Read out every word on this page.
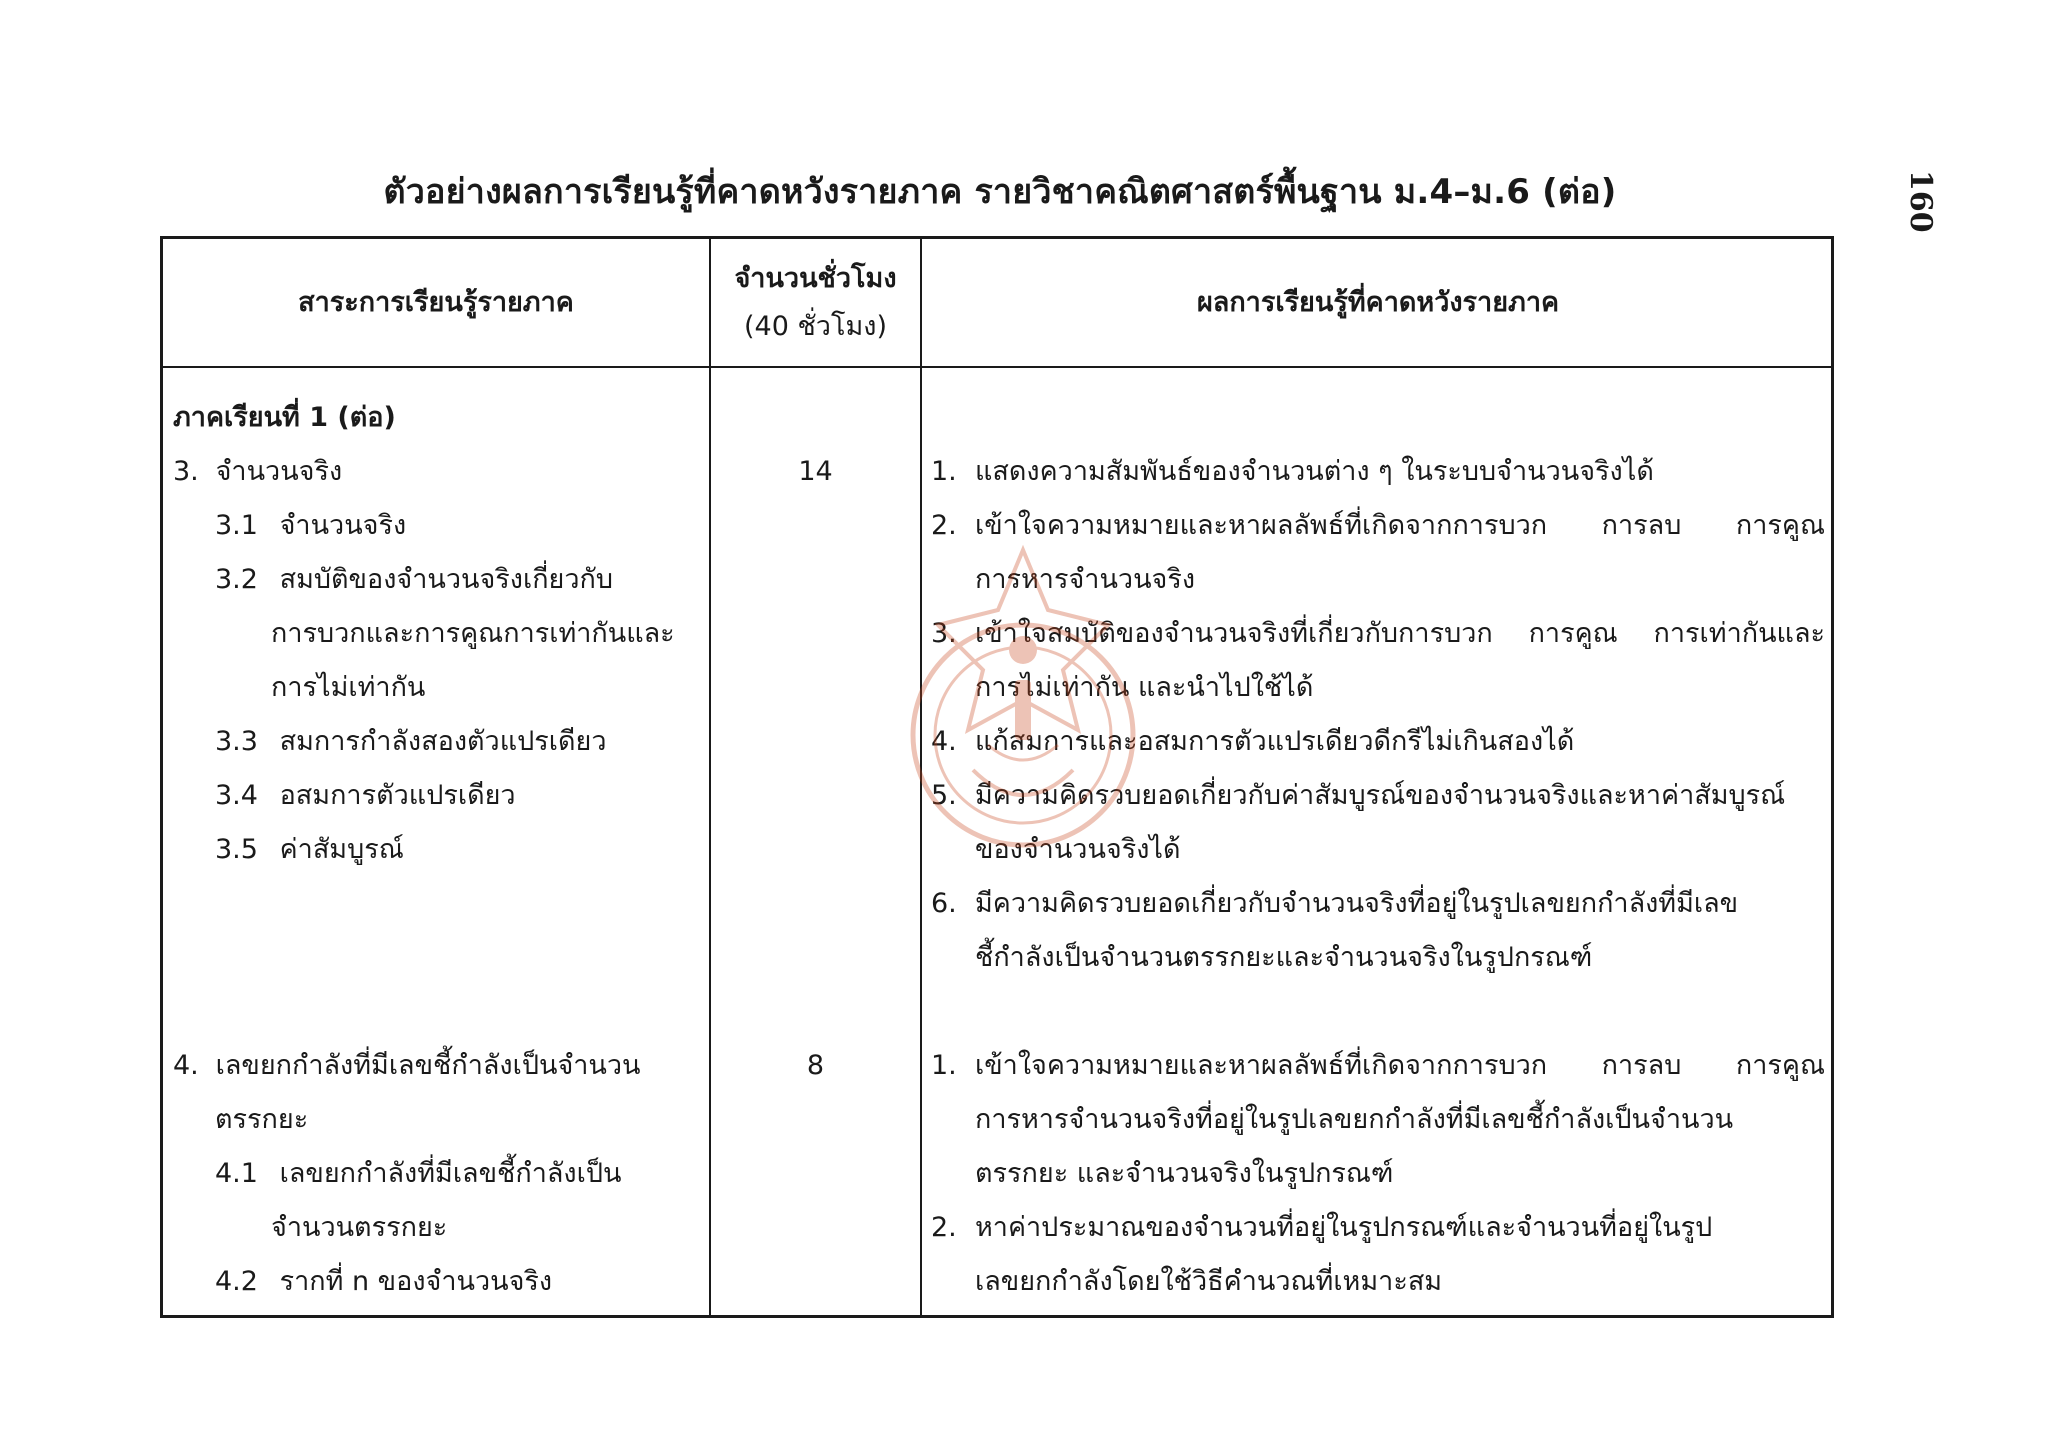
160
ตัวอย่างผลการเรียนรู้ที่คาดหวังรายภาค รายวิชาคณิตศาสตร์พื้นฐาน ม.4–ม.6 (ต่อ)
สาระการเรียนรู้รายภาค
จำนวนชั่วโมง
(40 ชั่วโมง)
ผลการเรียนรู้ที่คาดหวังรายภาค
ภาคเรียนที่ 1 (ต่อ)
3. จำนวนจริง
3.1 จำนวนจริง
3.2 สมบัติของจำนวนจริงเกี่ยวกับ
การบวกและการคูณการเท่ากันและ
การไม่เท่ากัน
3.3 สมการกำลังสองตัวแปรเดียว
3.4 อสมการตัวแปรเดียว
3.5 ค่าสัมบูรณ์
14	1. แสดงความสัมพันธ์ของจำนวนต่าง ๆ ในระบบจำนวนจริงได้
2. เข้าใจความหมายและหาผลลัพธ์ที่เกิดจากการบวก การลบ การคูณ
การหารจำนวนจริง
3. เข้าใจสมบัติของจำนวนจริงที่เกี่ยวกับการบวก การคูณ การเท่ากันและ
การไม่เท่ากัน และนำไปใช้ได้
4. แก้สมการและอสมการตัวแปรเดียวดีกรีไม่เกินสองได้
5. มีความคิดรวบยอดเกี่ยวกับค่าสัมบูรณ์ของจำนวนจริงและหาค่าสัมบูรณ์
ของจำนวนจริงได้
6. มีความคิดรวบยอดเกี่ยวกับจำนวนจริงที่อยู่ในรูปเลขยกกำลังที่มีเลข
ชี้กำลังเป็นจำนวนตรรกยะและจำนวนจริงในรูปกรณฑ์
4. เลขยกกำลังที่มีเลขชี้กำลังเป็นจำนวน
ตรรกยะ
4.1 เลขยกกำลังที่มีเลขชี้กำลังเป็น
จำนวนตรรกยะ
4.2 รากที่ n ของจำนวนจริง
8	1. เข้าใจความหมายและหาผลลัพธ์ที่เกิดจากการบวก การลบ การคูณ
การหารจำนวนจริงที่อยู่ในรูปเลขยกกำลังที่มีเลขชี้กำลังเป็นจำนวน
ตรรกยะ และจำนวนจริงในรูปกรณฑ์
2. หาค่าประมาณของจำนวนที่อยู่ในรูปกรณฑ์และจำนวนที่อยู่ในรูป
เลขยกกำลังโดยใช้วิธีคำนวณที่เหมาะสม
